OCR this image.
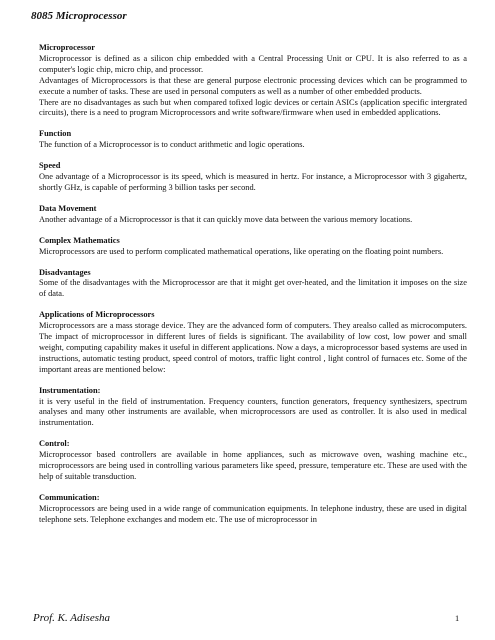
8085 Microprocessor

Microprocessor

Microprocessor is defined as a silicon chip embedded with a Central Processing Unit or CPU. It is also referred to as a computer's logic chip, micro chip, and processor.

Advantages of Microprocessors is that these are general purpose electronic processing devices which can be programmed to execute a number of tasks. These are used in personal computers as well as a number of other embedded products.

There are no disadvantages as such but when compared tofixed logic devices or certain ASICs (application specific intergrated circuits), there is a need to program Microprocessors and write software/firmware when used in embedded applications.

Function

The function of a Microprocessor is to conduct arithmetic and logic operations.

Speed

One advantage of a Microprocessor is its speed, which is measured in hertz. For instance, a Microprocessor with 3 gigahertz, shortly GHz, is capable of performing 3 billion tasks per second.

Data Movement

Another advantage of a Microprocessor is that it can quickly move data between the various memory locations.

Complex Mathematics

Microprocessors are used to perform complicated mathematical operations, like operating on the floating point numbers.

Disadvantages

Some of the disadvantages with the Microprocessor are that it might get over-heated, and the limitation it imposes on the size of data.

Applications of Microprocessors

Microprocessors are a mass storage device. They are the advanced form of computers. They arealso called as microcomputers. The impact of microprocessor in different lures of fields is significant. The availability of low cost, low power and small weight, computing capability makes it useful in different applications. Now a days, a microprocessor based systems are used in instructions, automatic testing product, speed control of motors, traffic light control , light control of furnaces etc. Some of the important areas are mentioned below:

Instrumentation:

it is very useful in the field of instrumentation. Frequency counters, function generators, frequency synthesizers, spectrum analyses and many other instruments are available, when microprocessors are used as controller. It is also used in medical instrumentation.

Control:

Microprocessor based controllers are available in home appliances, such as microwave oven, washing machine etc., microprocessors are being used in controlling various parameters like speed, pressure, temperature etc. These are used with the help of suitable transduction.

Communication:

Microprocessors are being used in a wide range of communication equipments. In telephone industry, these are used in digital telephone sets. Telephone exchanges and modem etc. The use of microprocessor in

Prof. K. Adisesha	1
